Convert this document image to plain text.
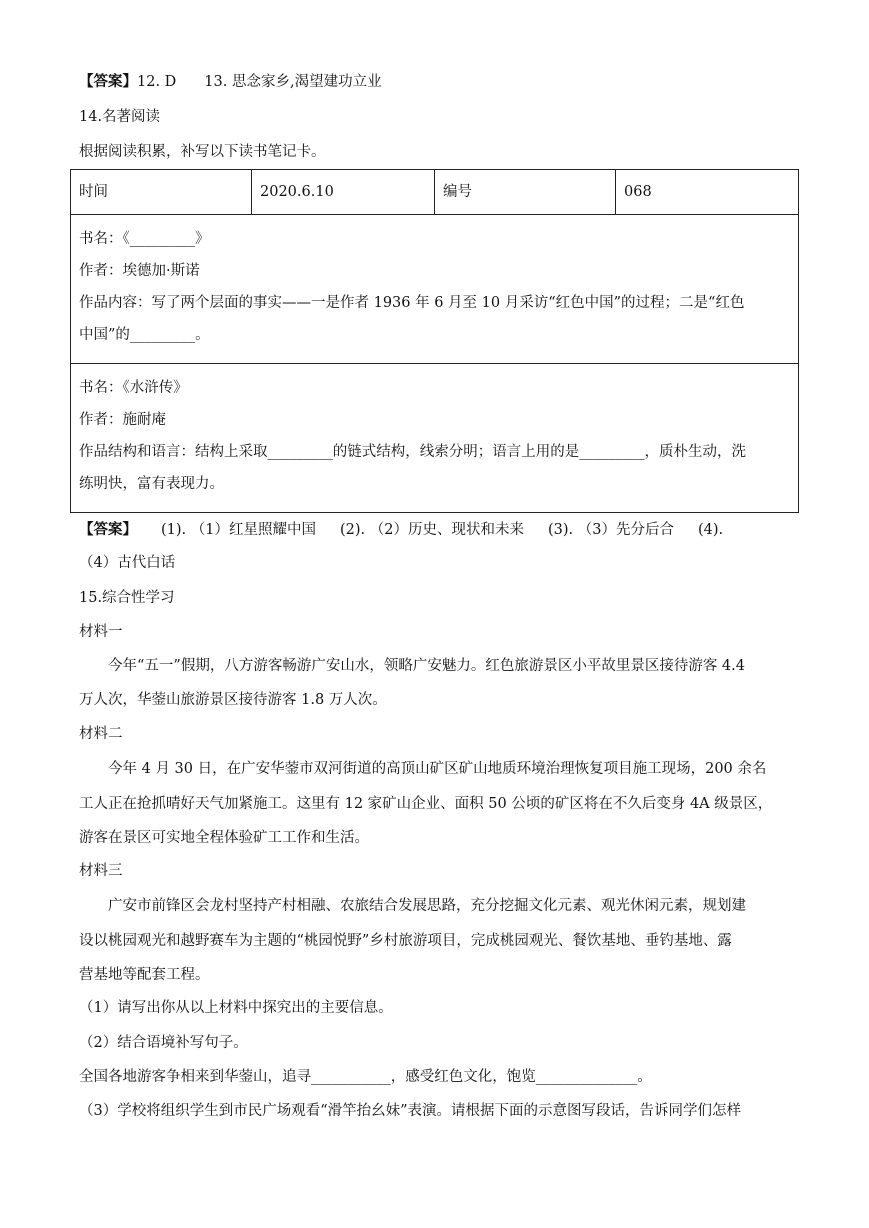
【答案】12. D 13. 思念家乡,渴望建功立业
14.名著阅读
根据阅读积累，补写以下读书笔记卡。
时间	2020.6.10	编号	068

书名：《_________》
作者：埃德加·斯诺
作品内容：写了两个层面的事实——一是作者 1936 年 6 月至 10 月采访“红色中国”的过程；二是“红色
中国”的_________。

书名：《水浒传》
作者：施耐庵
作品结构和语言：结构上采取_________的链式结构，线索分明；语言上用的是_________，质朴生动，洗
练明快，富有表现力。
【答案】 (1). （1）红星照耀中国 (2). （2）历史、现状和未来 (3). （3）先分后合 (4).
（4）古代白话
15.综合性学习
材料一
今年“五一”假期，八方游客畅游广安山水，领略广安魅力。红色旅游景区小平故里景区接待游客 4.4
万人次，华蓥山旅游景区接待游客 1.8 万人次。
材料二
今年 4 月 30 日，在广安华蓥市双河街道的高顶山矿区矿山地质环境治理恢复项目施工现场，200 余名
工人正在抢抓晴好天气加紧施工。这里有 12 家矿山企业、面积 50 公顷的矿区将在不久后变身 4A 级景区，
游客在景区可实地全程体验矿工工作和生活。
材料三
广安市前锋区会龙村坚持产村相融、农旅结合发展思路，充分挖掘文化元素、观光休闲元素，规划建
设以桃园观光和越野赛车为主题的“桃园悦野”乡村旅游项目，完成桃园观光、餐饮基地、垂钓基地、露
营基地等配套工程。
（1）请写出你从以上材料中探究出的主要信息。
（2）结合语境补写句子。
全国各地游客争相来到华蓥山，追寻___________，感受红色文化，饱览______________。
（3）学校将组织学生到市民广场观看“滑竿抬幺妹”表演。请根据下面的示意图写段话，告诉同学们怎样
